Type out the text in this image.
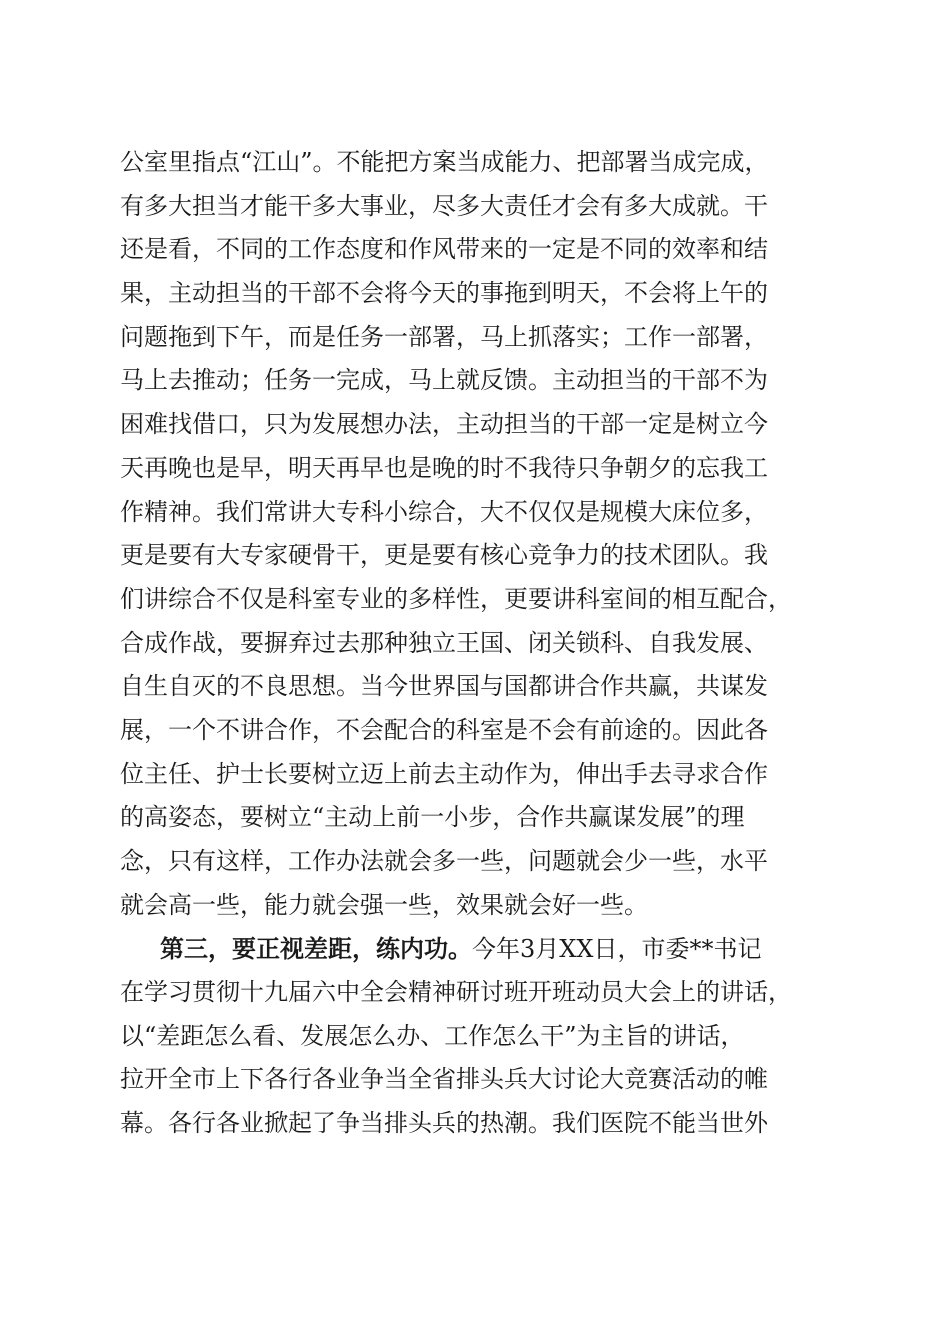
公室里指点“江山”。不能把方案当成能力、把部署当成完成，
有多大担当才能干多大事业，尽多大责任才会有多大成就。干
还是看，不同的工作态度和作风带来的一定是不同的效率和结
果，主动担当的干部不会将今天的事拖到明天，不会将上午的
问题拖到下午，而是任务一部署，马上抓落实；工作一部署，
马上去推动；任务一完成，马上就反馈。主动担当的干部不为
困难找借口，只为发展想办法，主动担当的干部一定是树立今
天再晚也是早，明天再早也是晚的时不我待只争朝夕的忘我工
作精神。我们常讲大专科小综合，大不仅仅是规模大床位多，
更是要有大专家硬骨干，更是要有核心竞争力的技术团队。我
们讲综合不仅是科室专业的多样性，更要讲科室间的相互配合，
合成作战，要摒弃过去那种独立王国、闭关锁科、自我发展、
自生自灭的不良思想。当今世界国与国都讲合作共赢，共谋发
展，一个不讲合作，不会配合的科室是不会有前途的。因此各
位主任、护士长要树立迈上前去主动作为，伸出手去寻求合作
的高姿态，要树立“主动上前一小步，合作共赢谋发展”的理
念，只有这样，工作办法就会多一些，问题就会少一些，水平
就会高一些，能力就会强一些，效果就会好一些。
第三，要正视差距，练内功。今年3月XX日，市委**书记
在学习贯彻十九届六中全会精神研讨班开班动员大会上的讲话，
以“差距怎么看、发展怎么办、工作怎么干”为主旨的讲话，
拉开全市上下各行各业争当全省排头兵大讨论大竞赛活动的帷
幕。各行各业掀起了争当排头兵的热潮。我们医院不能当世外
